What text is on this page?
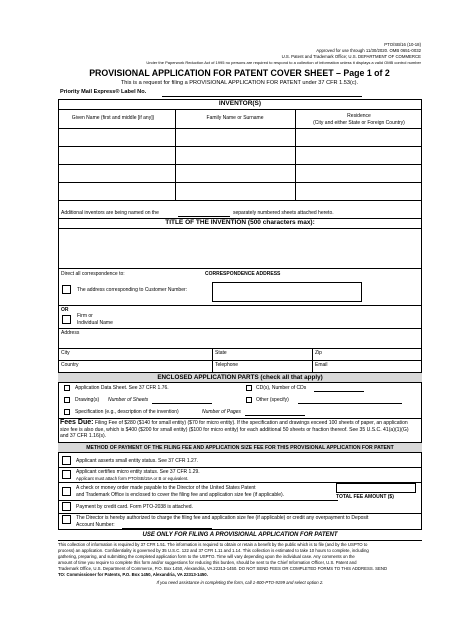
PTO/SB/16 (10-18)
Approved for use through 11/30/2020. OMB 0651-0032
U.S. Patent and Trademark Office; U.S. DEPARTMENT OF COMMERCE
Under the Paperwork Reduction Act of 1995 no persons are required to respond to a collection of information unless it displays a valid OMB control number
PROVISIONAL APPLICATION FOR PATENT COVER SHEET – Page 1 of 2
This is a request for filing a PROVISIONAL APPLICATION FOR PATENT under 37 CFR 1.53(c).
Priority Mail Express® Label No.
INVENTOR(S)
Given Name (first and middle [if any])	Family Name or Surname	Residence
(City and either State or Foreign Country)
Additional inventors are being named on the	separately numbered sheets attached hereto.
TITLE OF THE INVENTION (500 characters max):
Direct all correspondence to:	CORRESPONDENCE ADDRESS
The address corresponding to Customer Number:
OR
Firm or
Individual Name
Address
City	State	Zip
Country	Telephone	Email
ENCLOSED APPLICATION PARTS (check all that apply)
Application Data Sheet. See 37 CFR 1.76.	CD(s), Number of CDs
Drawing(s) Number of Sheets	Other (specify)
Specification (e.g., description of the invention)	Number of Pages
Fees Due: Filing Fee of $280 ($140 for small entity) ($70 for micro entity). If the specification and drawings exceed 100 sheets of paper, an application size fee is also due, which is $400 ($200 for small entity) ($100 for micro entity) for each additional 50 sheets or fraction thereof. See 35 U.S.C. 41(a)(1)(G) and 37 CFR 1.16(s).
METHOD OF PAYMENT OF THE FILING FEE AND APPLICATION SIZE FEE FOR THIS PROVISIONAL APPLICATION FOR PATENT
Applicant asserts small entity status. See 37 CFR 1.27.
Applicant certifies micro entity status. See 37 CFR 1.29.
Applicant must attach form PTO/SB/15A or B or equivalent.
A check or money order made payable to the Director of the United States Patent
and Trademark Office is enclosed to cover the filing fee and application size fee (if applicable).	TOTAL FEE AMOUNT ($)
Payment by credit card. Form PTO-2038 is attached.
The Director is hereby authorized to charge the filing fee and application size fee (if applicable) or credit any overpayment to Deposit
Account Number:
USE ONLY FOR FILING A PROVISIONAL APPLICATION FOR PATENT
This collection of information is required by 37 CFR 1.51. The information is required to obtain or retain a benefit by the public which is to file (and by the USPTO to
process) an application. Confidentiality is governed by 35 U.S.C. 122 and 37 CFR 1.11 and 1.14. This collection is estimated to take 10 hours to complete, including
gathering, preparing, and submitting the completed application form to the USPTO. Time will vary depending upon the individual case. Any comments on the
amount of time you require to complete this form and/or suggestions for reducing this burden, should be sent to the Chief Information Officer, U.S. Patent and
Trademark Office, U.S. Department of Commerce, P.O. Box 1450, Alexandria, VA 22313-1450. DO NOT SEND FEES OR COMPLETED FORMS TO THIS ADDRESS. SEND
TO: Commissioner for Patents, P.O. Box 1450, Alexandria, VA 22313-1450.
If you need assistance in completing the form, call 1-800-PTO-9199 and select option 2.
